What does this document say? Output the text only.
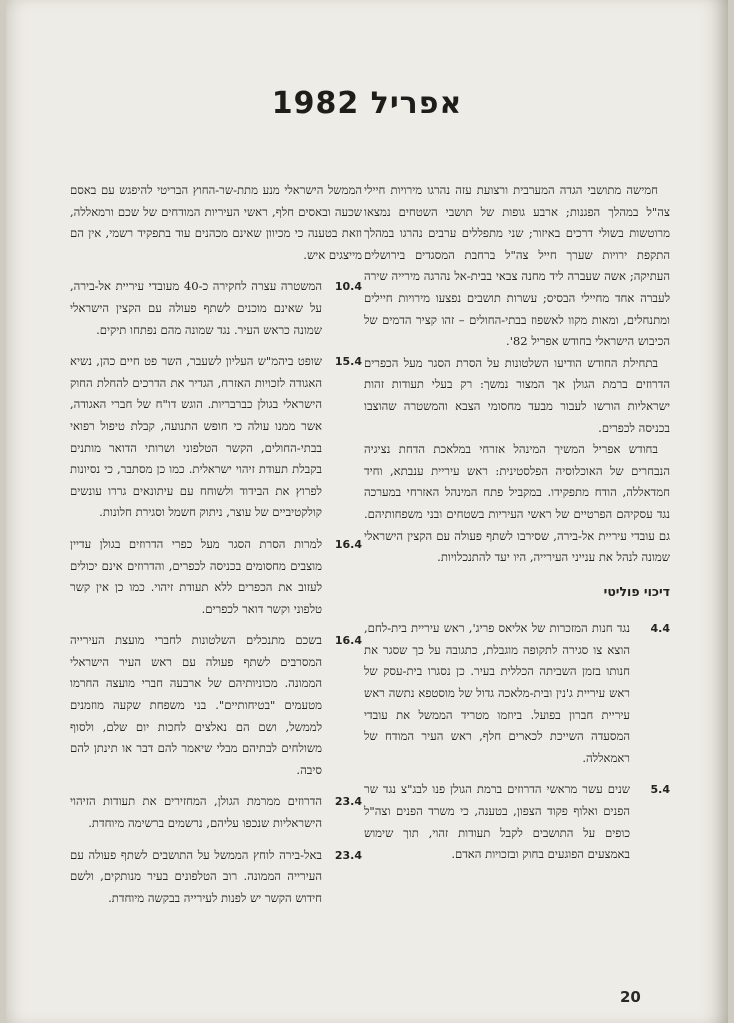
אפריל 1982

חמישה מתושבי הגדה המערבית ורצועת עזה נהרגו מירויות חיילי צה"ל במהלך הפגנות; ארבע גופות של תושבי השטחים נמצאו מרוטשות בשולי דרכים באיזור; שני מתפללים ערבים נהרגו במהלך התקפת ירויות שערך חייל צה"ל ברחבת המסגדים בירושלים העתיקה; אשה שעברה ליד מחנה צבאי בבית-אל נהרגה מירייה שירה לעברה אחד מחיילי הבסיס; עשרות תושבים נפצעו מירויות חיילים ומתנחלים, ומאות מקוו לאשפוז בבתי-החולים – זהו קציר הדמים של הכיבוש הישראלי בחודש אפריל 82'.

בתחילת החודש הודיעו השלטונות על הסרת הסגר מעל הכפרים הדרוזים ברמת הגולן אך המצור נמשך: רק בעלי תעודות זהות ישראליות הורשו לעבור מבעד מחסומי הצבא והמשטרה שהוצבו בכניסה לכפרים.

בחודש אפריל המשיך המינהל אזרחי במלאכת הדחת נציגיה הנבחרים של האוכלוסיה הפלסטינית: ראש עיריית ענבתא, וחיד חמדאללה, הודח מתפקידו. במקביל פתח המינהל האזרחי במערכה נגד עסקיהם הפרטיים של ראשי העיריות בשטחים ובני משפחותיהם. גם עובדי עיריית אל-בירה, שסירבו לשתף פעולה עם הקצין הישראלי שמונה לנהל את ענייני העירייה, היו יעד להתנכלויות.

דיכוי פוליטי

4.4

נגד חנות המזכרות של אליאס פריג', ראש עיריית בית-לחם, הוצא צו סגירה לתקופה מוגבלת, כתגובה על כך שסגר את חנותו בזמן השביתה הכללית בעיר. כן נסגרו בית-עסק של ראש עיריית ג'נין ובית-מלאכה גדול של מוסטפא נתשה ראש עיריית חברון בפועל. ביוזמו מטריד הממשל את עובדי המסעדה השייכת לכארים חלף, ראש העיר המודח של ראמאללה.

5.4

שנים עשר מראשי הדרוזים ברמת הגולן פנו לבג"צ נגד שר הפנים ואלוף פקוד הצפון, בטענה, כי משרד הפנים וצה"ל כופים על התושבים לקבל תעודות זהוי, תוך שימוש באמצעים הפוגעים בחוק ובזכויות האדם.

הממשל הישראלי מנע מתת-שר-החוץ הבריטי להיפגש עם באסם שכעה ובאסים חלף, ראשי העיריות המודחים של שכם ורמאללה, וזאת בטענה כי מכיוון שאינם מכהנים עוד בתפקיד רשמי, אין הם מייצגים איש.

10.4

המשטרה עצרה לחקירה כ-40 מעובדי עיריית אל-בירה, על שאינם מוכנים לשתף פעולה עם הקצין הישראלי שמונה כראש העיר. נגד שמונה מהם נפתחו תיקים.

15.4

שופט ביהמ"ש העליון לשעבר, השר פט חיים כהן, נשיא האגודה לזכויות האזרח, הגדיר את הדרכים להחלת החוק הישראלי בגולן כברבריות. הוגש דו"ח של חברי האגודה, אשר ממנו עולה כי חופש התנועה, קבלת טיפול רפואי בבתי-החולים, הקשר הטלפוני ושרותי הדואר מותנים בקבלת תעודת זיהוי ישראלית. כמו כן מסתבר, כי נסיונות לפרוץ את הבידוד ולשוחח עם עיתונאים גררו עונשים קולקטיביים של עוצר, ניתוק חשמל וסגירת חלונות.

16.4

למרות הסרת הסגר מעל כפרי הדרוזים בגולן עדיין מוצבים מחסומים בכניסה לכפרים, והדרוזים אינם יכולים לעזוב את הכפרים ללא תעודת זיהוי. כמו כן אין קשר טלפוני וקשר דואר לכפרים.

16.4

בשכם מתנכלים השלטונות לחברי מועצת העירייה המסרבים לשתף פעולה עם ראש העיר הישראלי הממונה. מכוניותיהם של ארבעה חברי מועצה החרמו מטעמים "בטיחותיים". בני משפחת שקעה מוזמנים לממשל, ושם הם נאלצים לחכות יום שלם, ולסוף משולחים לבתיהם מבלי שיאמר להם דבר או תינתן להם סיבה.

23.4

הדרוזים ממרמת הגולן, המחזירים את תעודות הזיהוי הישראליות שנכפו עליהם, נרשמים ברשימה מיוחדת.

23.4

באל-בירה לוחץ הממשל על התושבים לשתף פעולה עם העירייה הממונה. רוב הטלפונים בעיר מנותקים, ולשם חידוש הקשר יש לפנות לעירייה בבקשה מיוחדת.

20
